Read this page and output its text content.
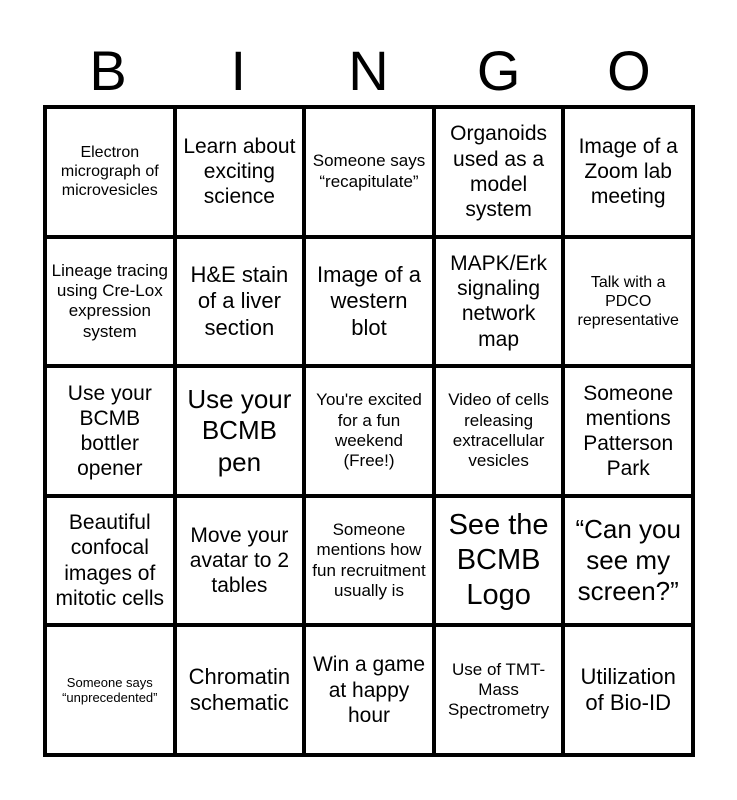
B	I	N	G	O
Electron micrograph of microvesicles
Learn about exciting science
Someone says “recapitulate”
Organoids used as a model system
Image of a Zoom lab meeting
Lineage tracing using Cre-Lox expression system
H&E stain of a liver section
Image of a western blot
MAPK/Erk signaling network map
Talk with a PDCO representative
Use your BCMB bottler opener
Use your BCMB pen
You're excited for a fun weekend (Free!)
Video of cells releasing extracellular vesicles
Someone mentions Patterson Park
Beautiful confocal images of mitotic cells
Move your avatar to 2 tables
Someone mentions how fun recruitment usually is
See the BCMB Logo
“Can you see my screen?”
Someone says “unprecedented”
Chromatin schematic
Win a game at happy hour
Use of TMT-Mass Spectrometry
Utilization of Bio-ID
